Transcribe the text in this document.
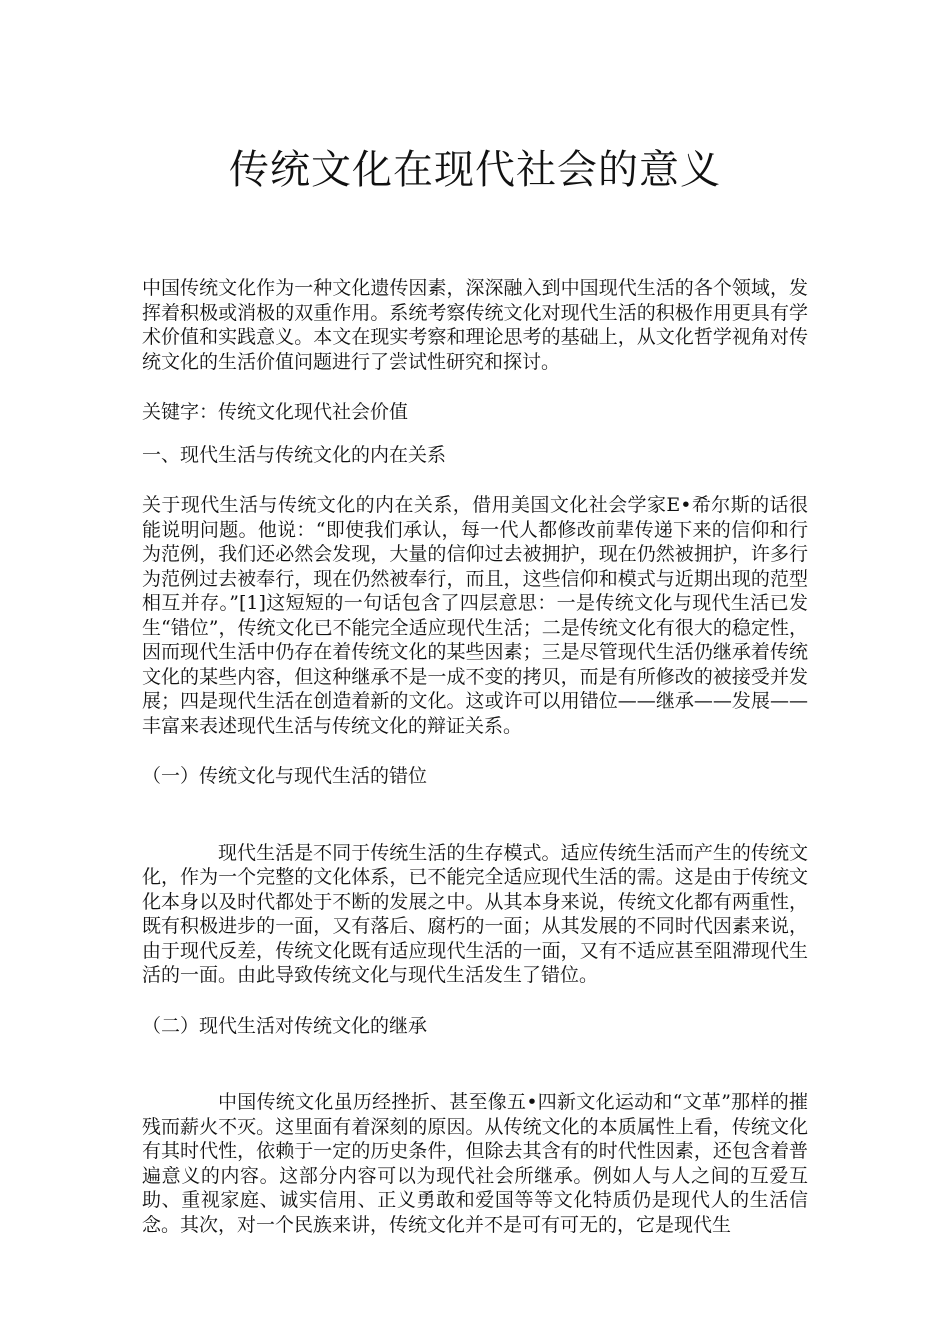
传统文化在现代社会的意义

中国传统文化作为一种文化遗传因素，深深融入到中国现代生活的各个领域，发挥着积极或消极的双重作用。系统考察传统文化对现代生活的积极作用更具有学术价值和实践意义。本文在现实考察和理论思考的基础上，从文化哲学视角对传统文化的生活价值问题进行了尝试性研究和探讨。

关键字：传统文化现代社会价值

一、现代生活与传统文化的内在关系

关于现代生活与传统文化的内在关系，借用美国文化社会学家E•希尔斯的话很能说明问题。他说：“即使我们承认，每一代人都修改前辈传递下来的信仰和行为范例，我们还必然会发现，大量的信仰过去被拥护，现在仍然被拥护，许多行为范例过去被奉行，现在仍然被奉行，而且，这些信仰和模式与近期出现的范型相互并存。”[1]这短短的一句话包含了四层意思：一是传统文化与现代生活已发生“错位”，传统文化已不能完全适应现代生活；二是传统文化有很大的稳定性，因而现代生活中仍存在着传统文化的某些因素；三是尽管现代生活仍继承着传统文化的某些内容，但这种继承不是一成不变的拷贝，而是有所修改的被接受并发展；四是现代生活在创造着新的文化。这或许可以用错位——继承——发展——丰富来表述现代生活与传统文化的辩证关系。

（一）传统文化与现代生活的错位

现代生活是不同于传统生活的生存模式。适应传统生活而产生的传统文化，作为一个完整的文化体系，已不能完全适应现代生活的需。这是由于传统文化本身以及时代都处于不断的发展之中。从其本身来说，传统文化都有两重性，既有积极进步的一面，又有落后、腐朽的一面；从其发展的不同时代因素来说，由于现代反差，传统文化既有适应现代生活的一面，又有不适应甚至阻滞现代生活的一面。由此导致传统文化与现代生活发生了错位。

（二）现代生活对传统文化的继承

中国传统文化虽历经挫折、甚至像五•四新文化运动和“文革”那样的摧残而薪火不灭。这里面有着深刻的原因。从传统文化的本质属性上看，传统文化有其时代性，依赖于一定的历史条件，但除去其含有的时代性因素，还包含着普遍意义的内容。这部分内容可以为现代社会所继承。例如人与人之间的互爱互助、重视家庭、诚实信用、正义勇敢和爱国等等文化特质仍是现代人的生活信念。其次，对一个民族来讲，传统文化并不是可有可无的，它是现代生
